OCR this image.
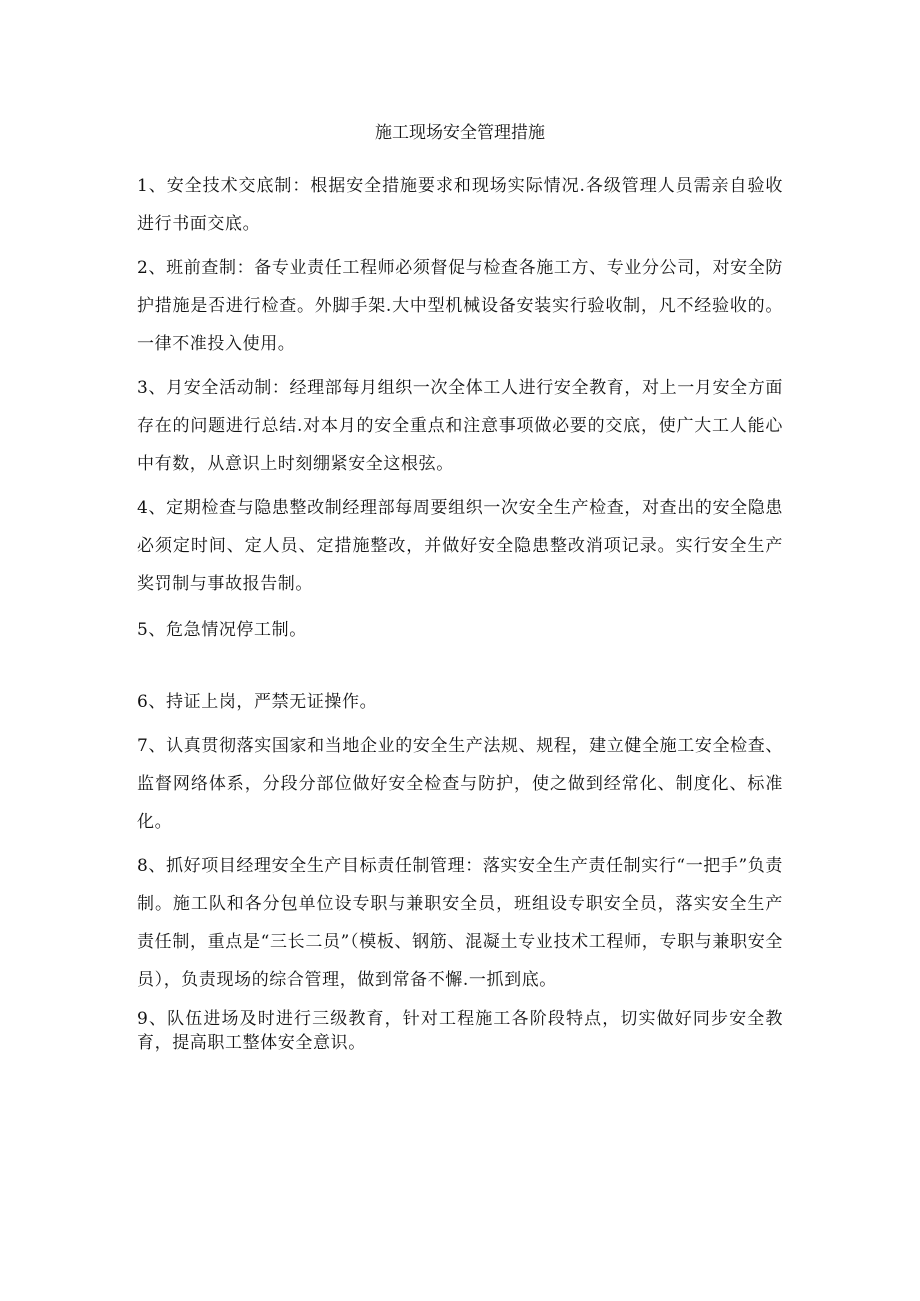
施工现场安全管理措施

1、安全技术交底制：根据安全措施要求和现场实际情况.各级管理人员需亲自验收进行书面交底。

2、班前查制：备专业责任工程师必须督促与检查各施工方、专业分公司，对安全防护措施是否进行检查。外脚手架.大中型机械设备安装实行验收制，凡不经验收的。一律不准投入使用。

3、月安全活动制：经理部每月组织一次全体工人进行安全教育，对上一月安全方面存在的问题进行总结.对本月的安全重点和注意事项做必要的交底，使广大工人能心中有数，从意识上时刻绷紧安全这根弦。

4、定期检查与隐患整改制经理部每周要组织一次安全生产检查，对查出的安全隐患必须定时间、定人员、定措施整改，并做好安全隐患整改消项记录。实行安全生产奖罚制与事故报告制。

5、危急情况停工制。

6、持证上岗，严禁无证操作。

7、认真贯彻落实国家和当地企业的安全生产法规、规程，建立健全施工安全检查、监督网络体系，分段分部位做好安全检查与防护，使之做到经常化、制度化、标准化。

8、抓好项目经理安全生产目标责任制管理：落实安全生产责任制实行“一把手”负责制。施工队和各分包单位设专职与兼职安全员，班组设专职安全员，落实安全生产责任制，重点是“三长二员”（模板、钢筋、混凝土专业技术工程师，专职与兼职安全员），负责现场的综合管理，做到常备不懈.一抓到底。

9、队伍进场及时进行三级教育，针对工程施工各阶段特点，切实做好同步安全教育，提高职工整体安全意识。
